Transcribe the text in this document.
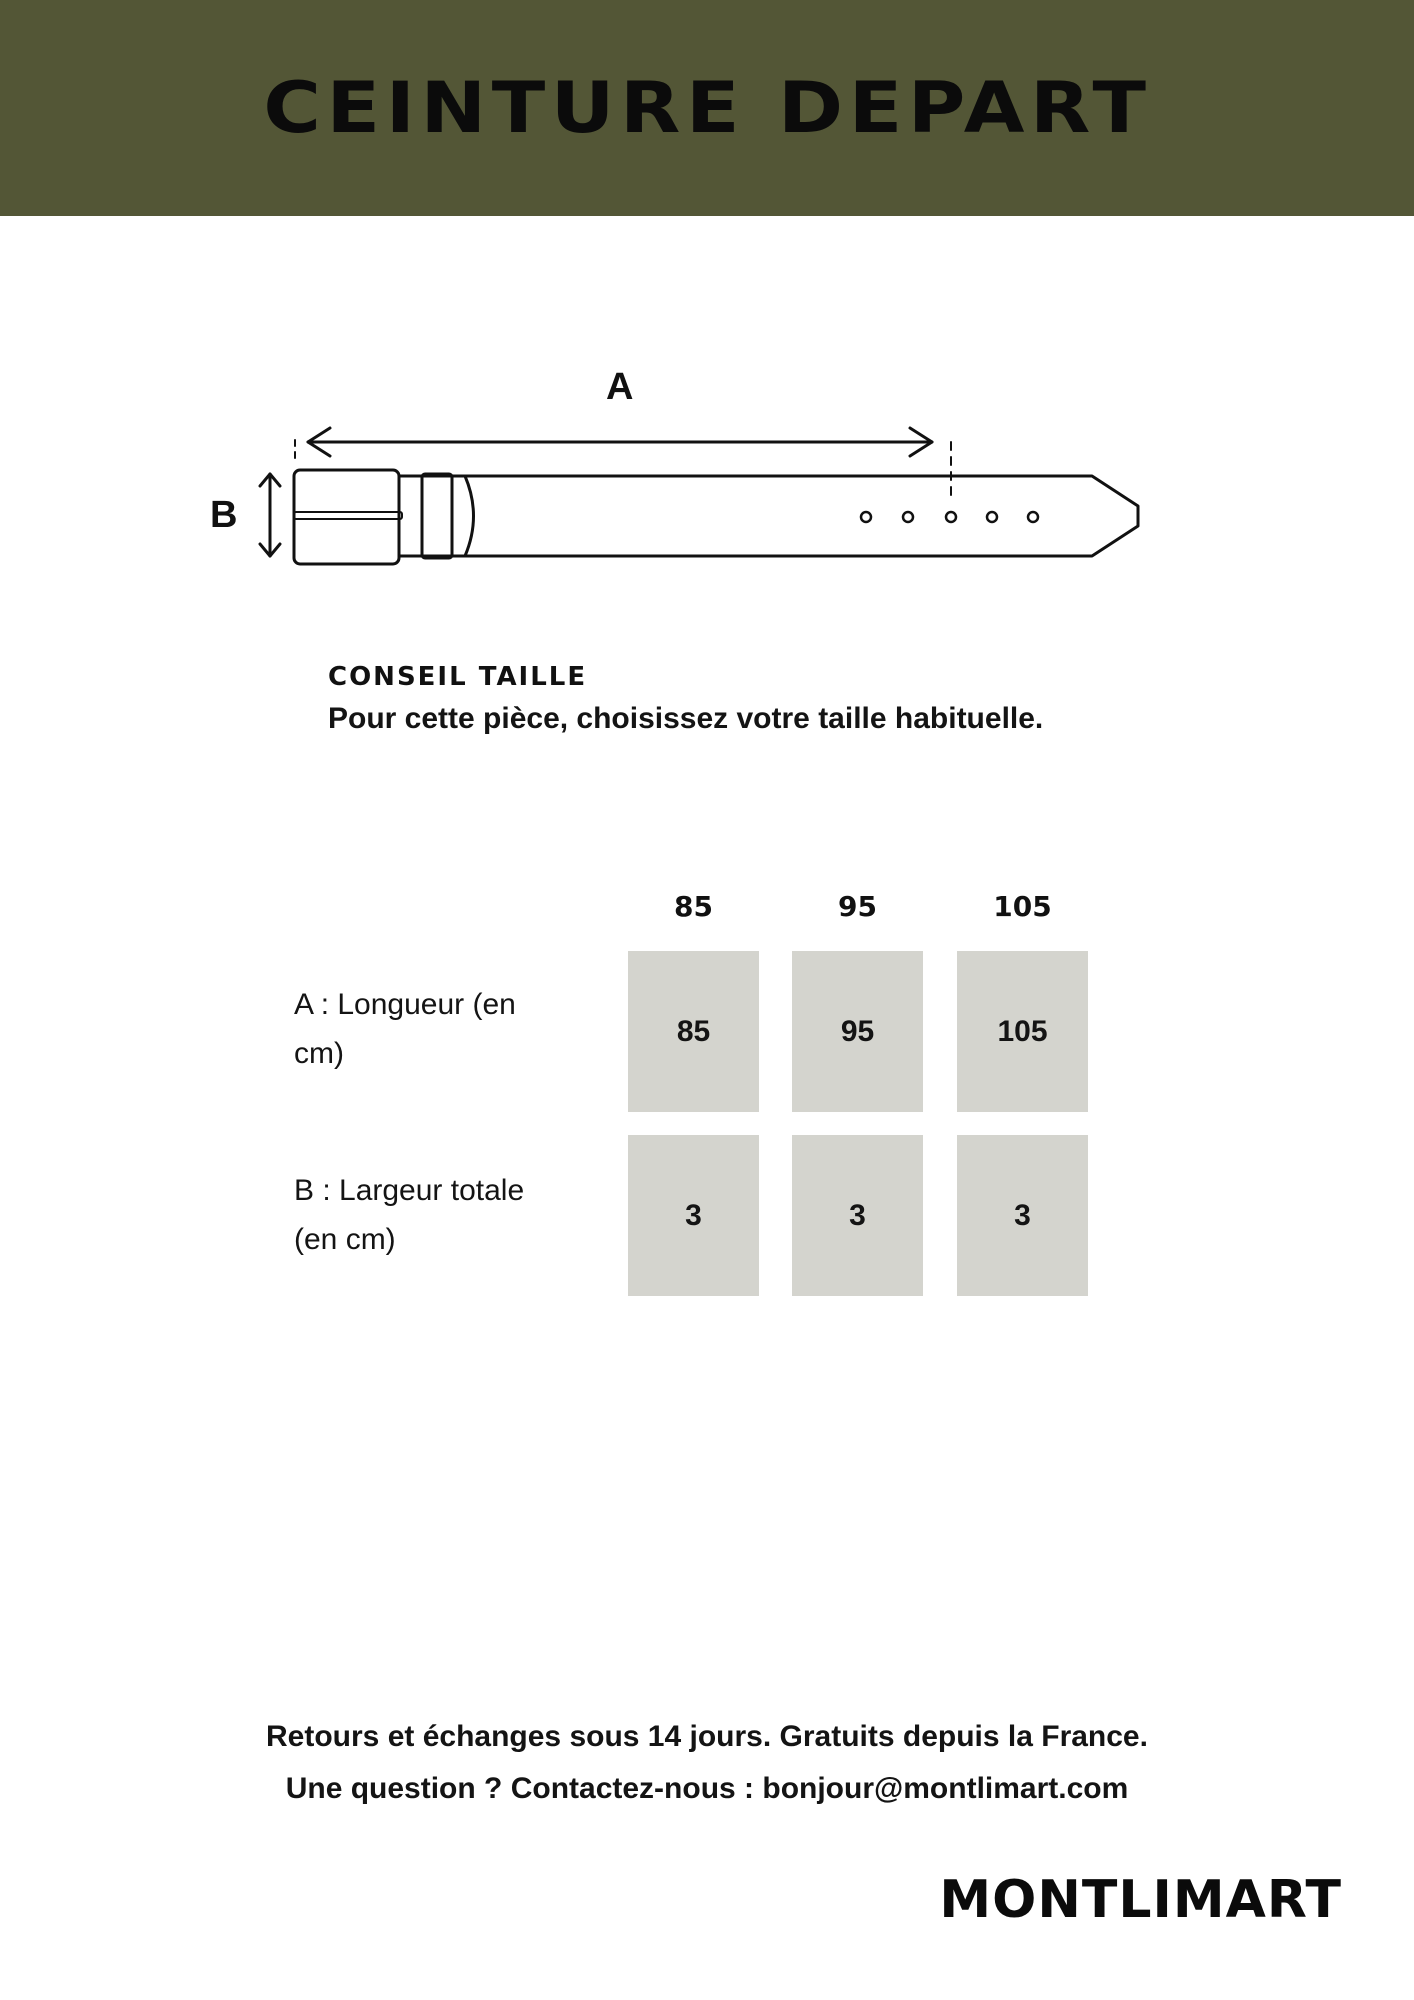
CEINTURE DEPART
A
B

CONSEIL TAILLE

Pour cette pièce, choisissez votre taille habituelle.

85	95	105
A : Longueur (en
cm)
85	95	105
B : Largeur totale
(en cm)
3	3	3
Retours et échanges sous 14 jours. Gratuits depuis la France.
Une question ? Contactez-nous : bonjour@montlimart.com
MONTLIMART
